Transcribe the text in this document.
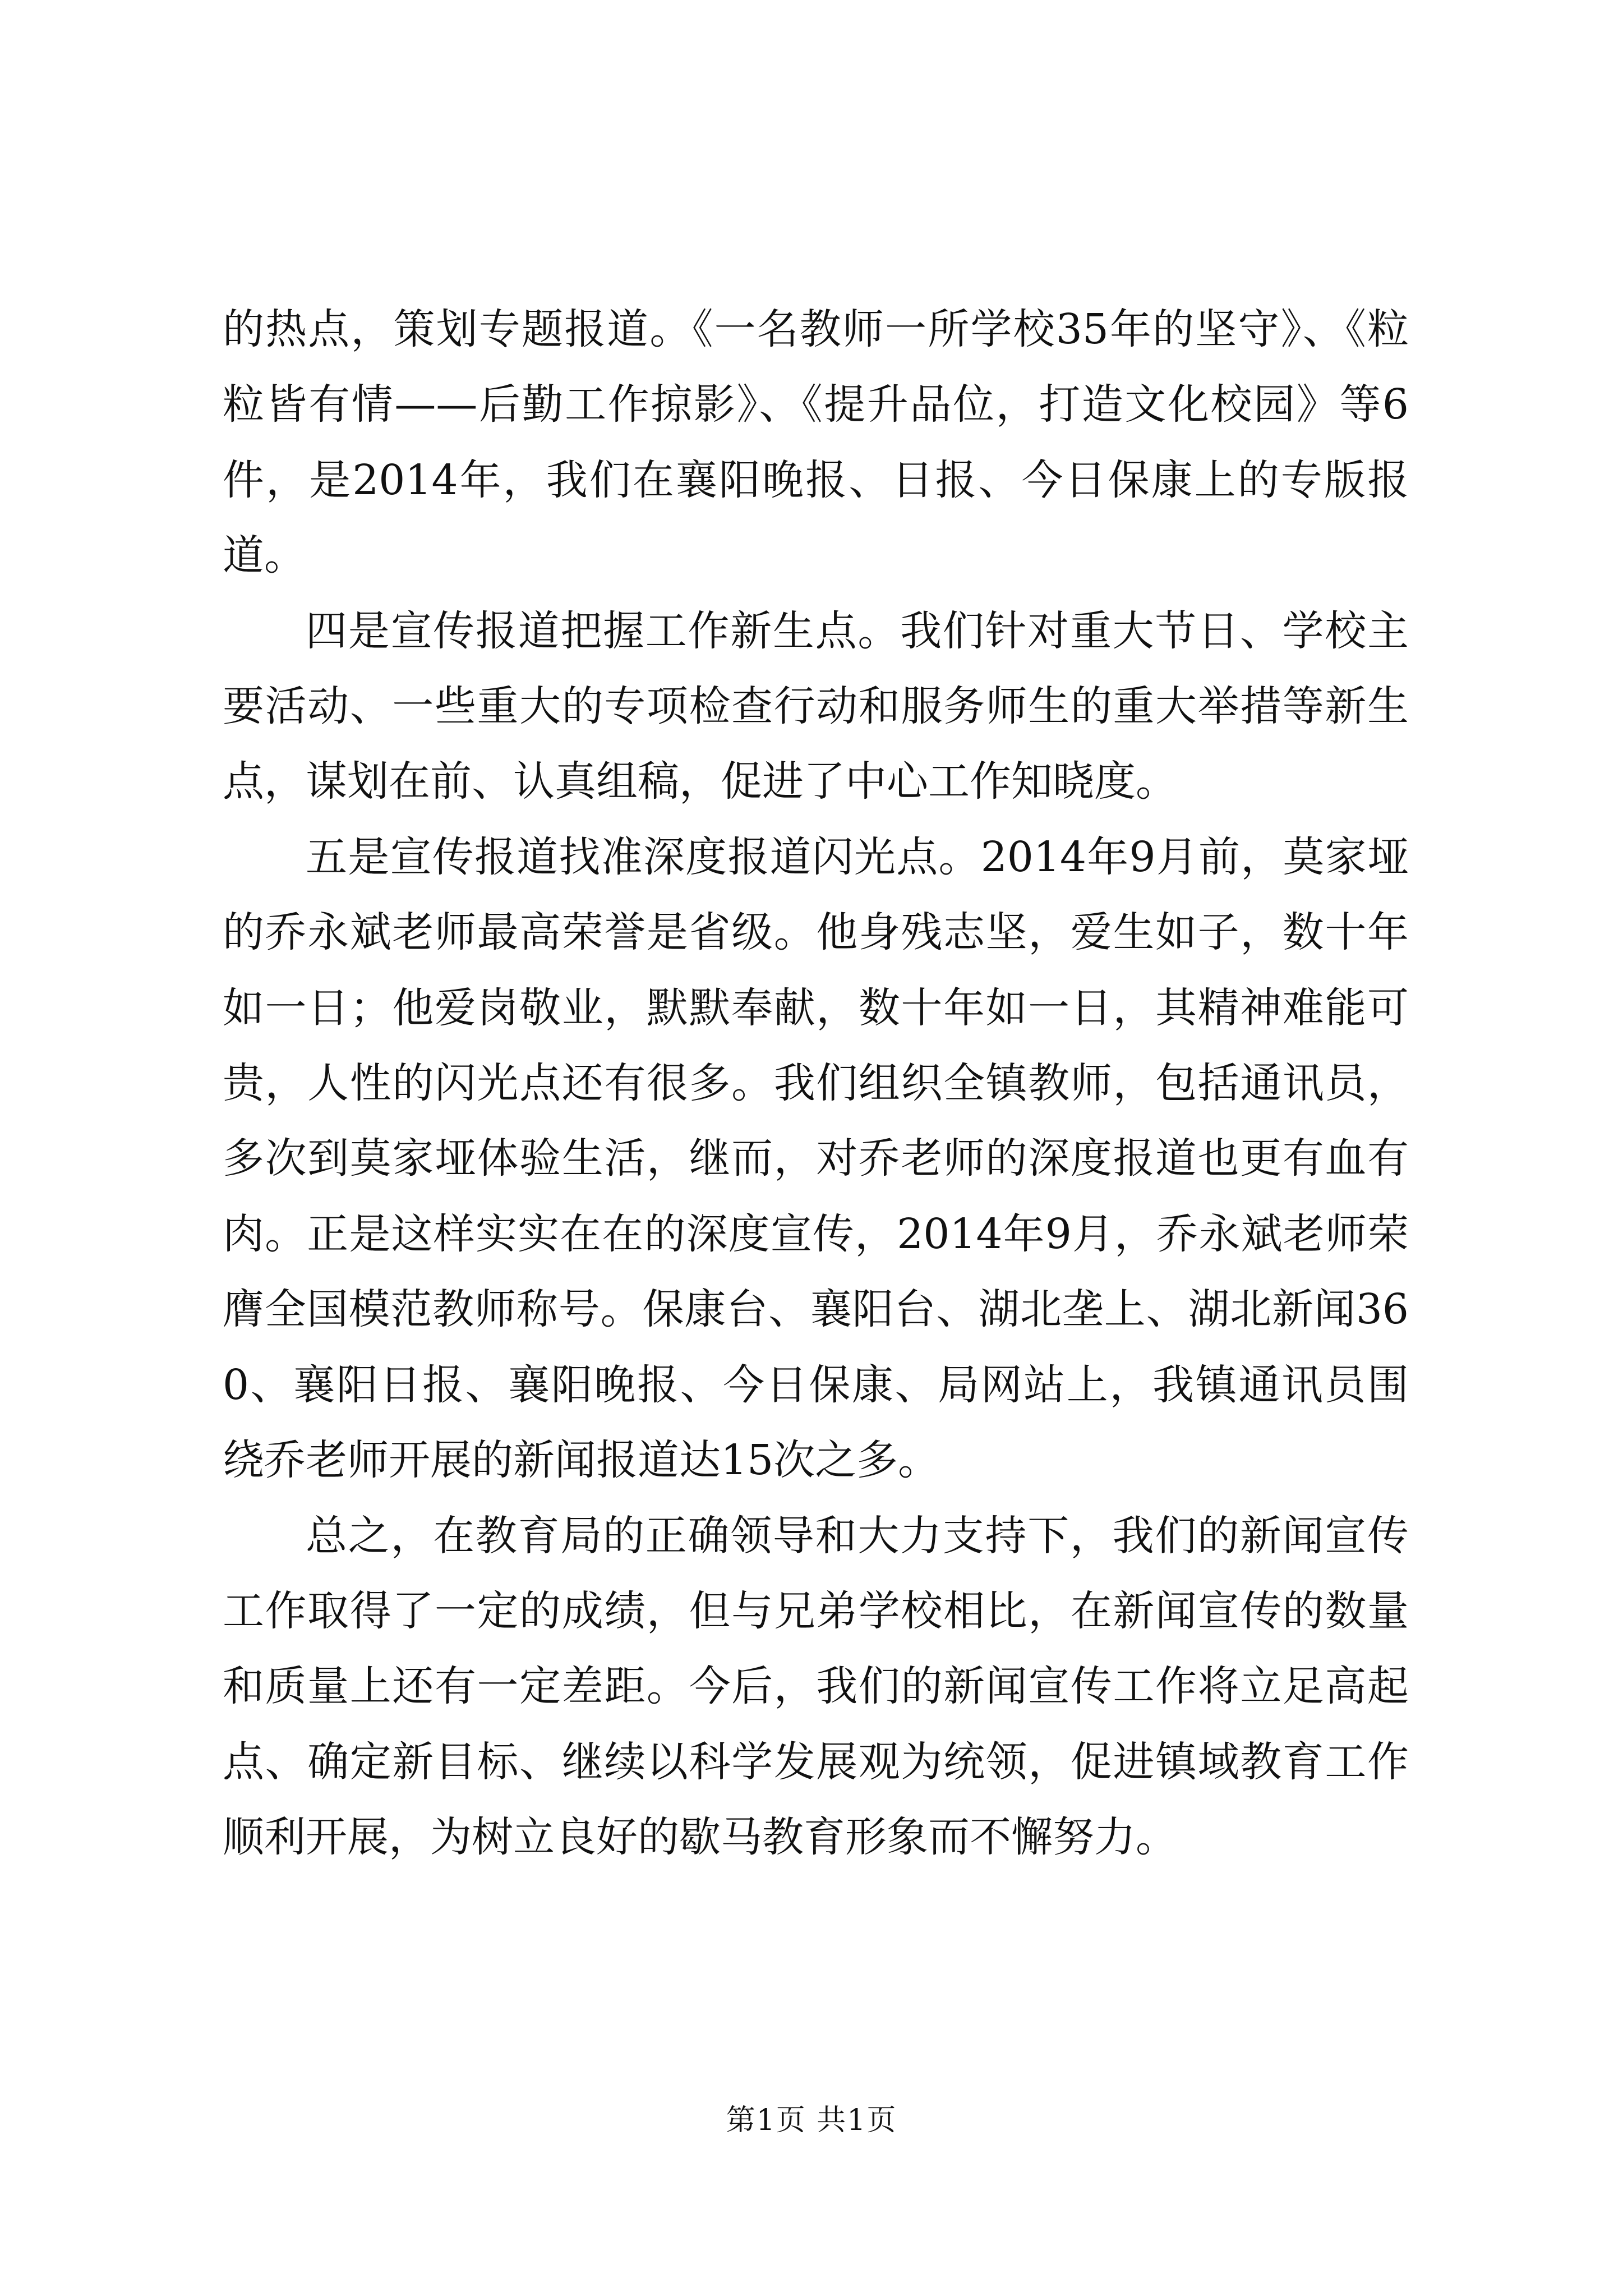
的热点，策划专题报道。《一名教师一所学校35年的坚守》、《粒粒皆有情——后勤工作掠影》、《提升品位，打造文化校园》等6件，是2014年，我们在襄阳晚报、日报、今日保康上的专版报道。

四是宣传报道把握工作新生点。我们针对重大节日、学校主要活动、一些重大的专项检查行动和服务师生的重大举措等新生点，谋划在前、认真组稿，促进了中心工作知晓度。

五是宣传报道找准深度报道闪光点。2014年9月前，莫家垭的乔永斌老师最高荣誉是省级。他身残志坚，爱生如子，数十年如一日；他爱岗敬业，默默奉献，数十年如一日，其精神难能可贵，人性的闪光点还有很多。我们组织全镇教师，包括通讯员，多次到莫家垭体验生活，继而，对乔老师的深度报道也更有血有肉。正是这样实实在在的深度宣传，2014年9月，乔永斌老师荣膺全国模范教师称号。保康台、襄阳台、湖北垄上、湖北新闻360、襄阳日报、襄阳晚报、今日保康、局网站上，我镇通讯员围绕乔老师开展的新闻报道达15次之多。

总之，在教育局的正确领导和大力支持下，我们的新闻宣传工作取得了一定的成绩，但与兄弟学校相比，在新闻宣传的数量和质量上还有一定差距。今后，我们的新闻宣传工作将立足高起点、确定新目标、继续以科学发展观为统领，促进镇域教育工作顺利开展，为树立良好的歇马教育形象而不懈努力。

第1页 共1页
